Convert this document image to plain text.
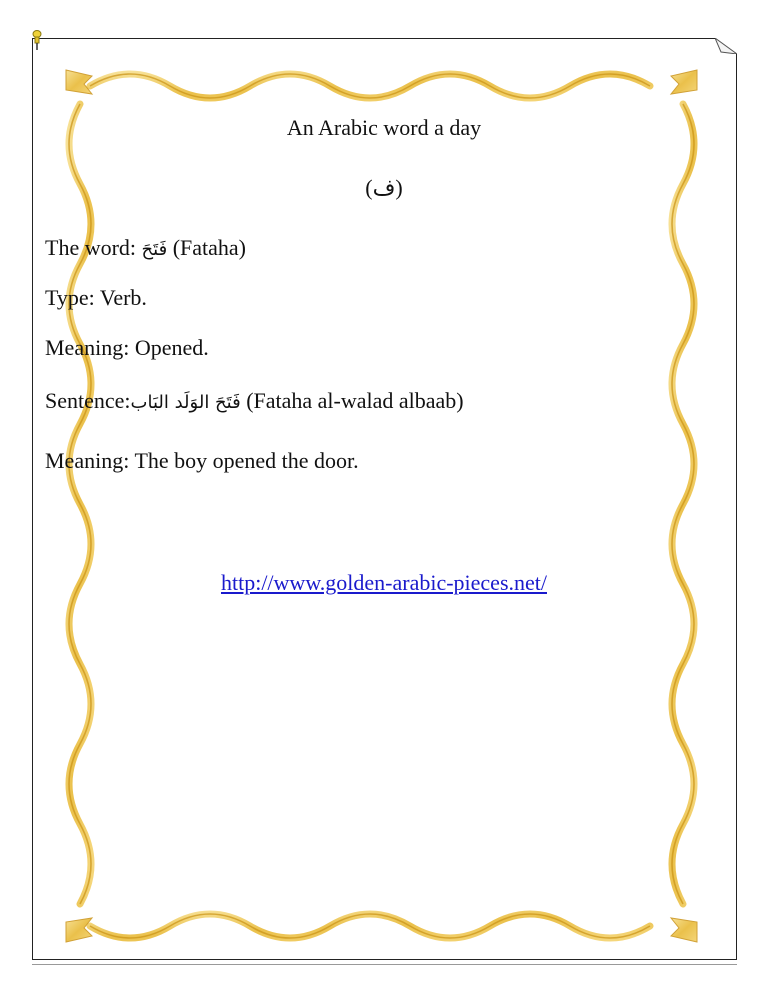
An Arabic word a day
(ف)
The word: فَتَحَ (Fataha)
Type: Verb.
Meaning: Opened.
Sentence:فَتَحَ الوَلَد البَاب (Fataha al-walad albaab)
Meaning: The boy opened the door.
http://www.golden-arabic-pieces.net/
